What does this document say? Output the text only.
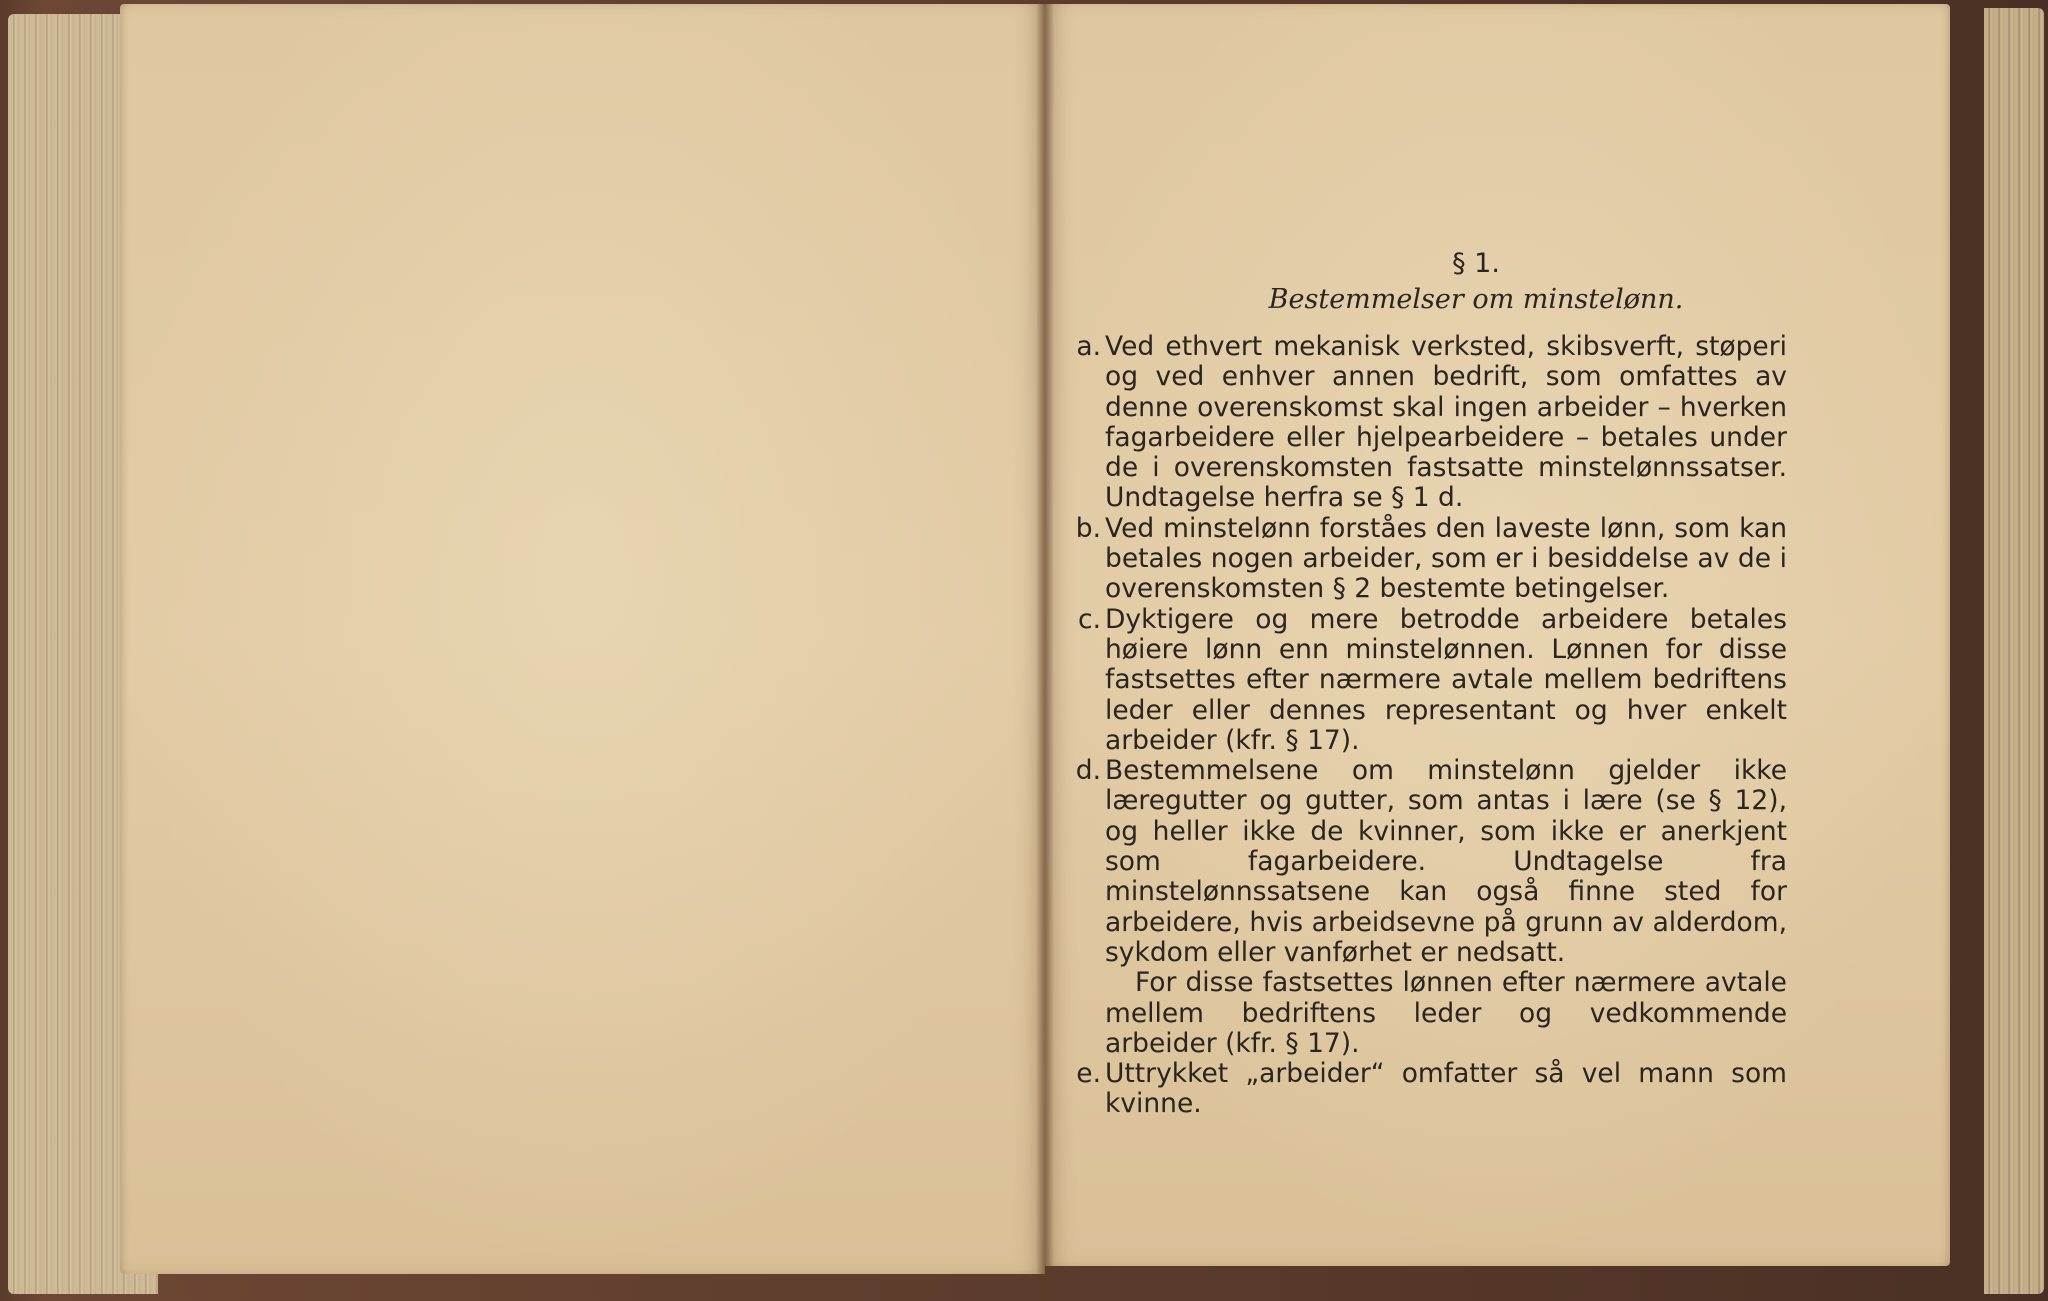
§ 1.

Bestemmelser om minstelønn.

a. Ved ethvert mekanisk verksted, skibsverft, støperi og ved enhver annen bedrift, som omfattes av denne overenskomst skal ingen arbeider – hverken fagarbeidere eller hjelpearbeidere – betales under de i overenskomsten fastsatte minstelønnssatser. Undtagelse herfra se § 1 d.

b. Ved minstelønn forståes den laveste lønn, som kan betales nogen arbeider, som er i besiddelse av de i overenskomsten § 2 bestemte betingelser.

c. Dyktigere og mere betrodde arbeidere betales høiere lønn enn minstelønnen. Lønnen for disse fastsettes efter nærmere avtale mellem bedriftens leder eller dennes representant og hver enkelt arbeider (kfr. § 17).

d. Bestemmelsene om minstelønn gjelder ikke læregutter og gutter, som antas i lære (se § 12), og heller ikke de kvinner, som ikke er anerkjent som fagarbeidere. Undtagelse fra minstelønnssatsene kan også finne sted for arbeidere, hvis arbeidsevne på grunn av alderdom, sykdom eller vanførhet er nedsatt.

For disse fastsettes lønnen efter nærmere avtale mellem bedriftens leder og vedkommende arbeider (kfr. § 17).

e. Uttrykket „arbeider“ omfatter så vel mann som kvinne.
